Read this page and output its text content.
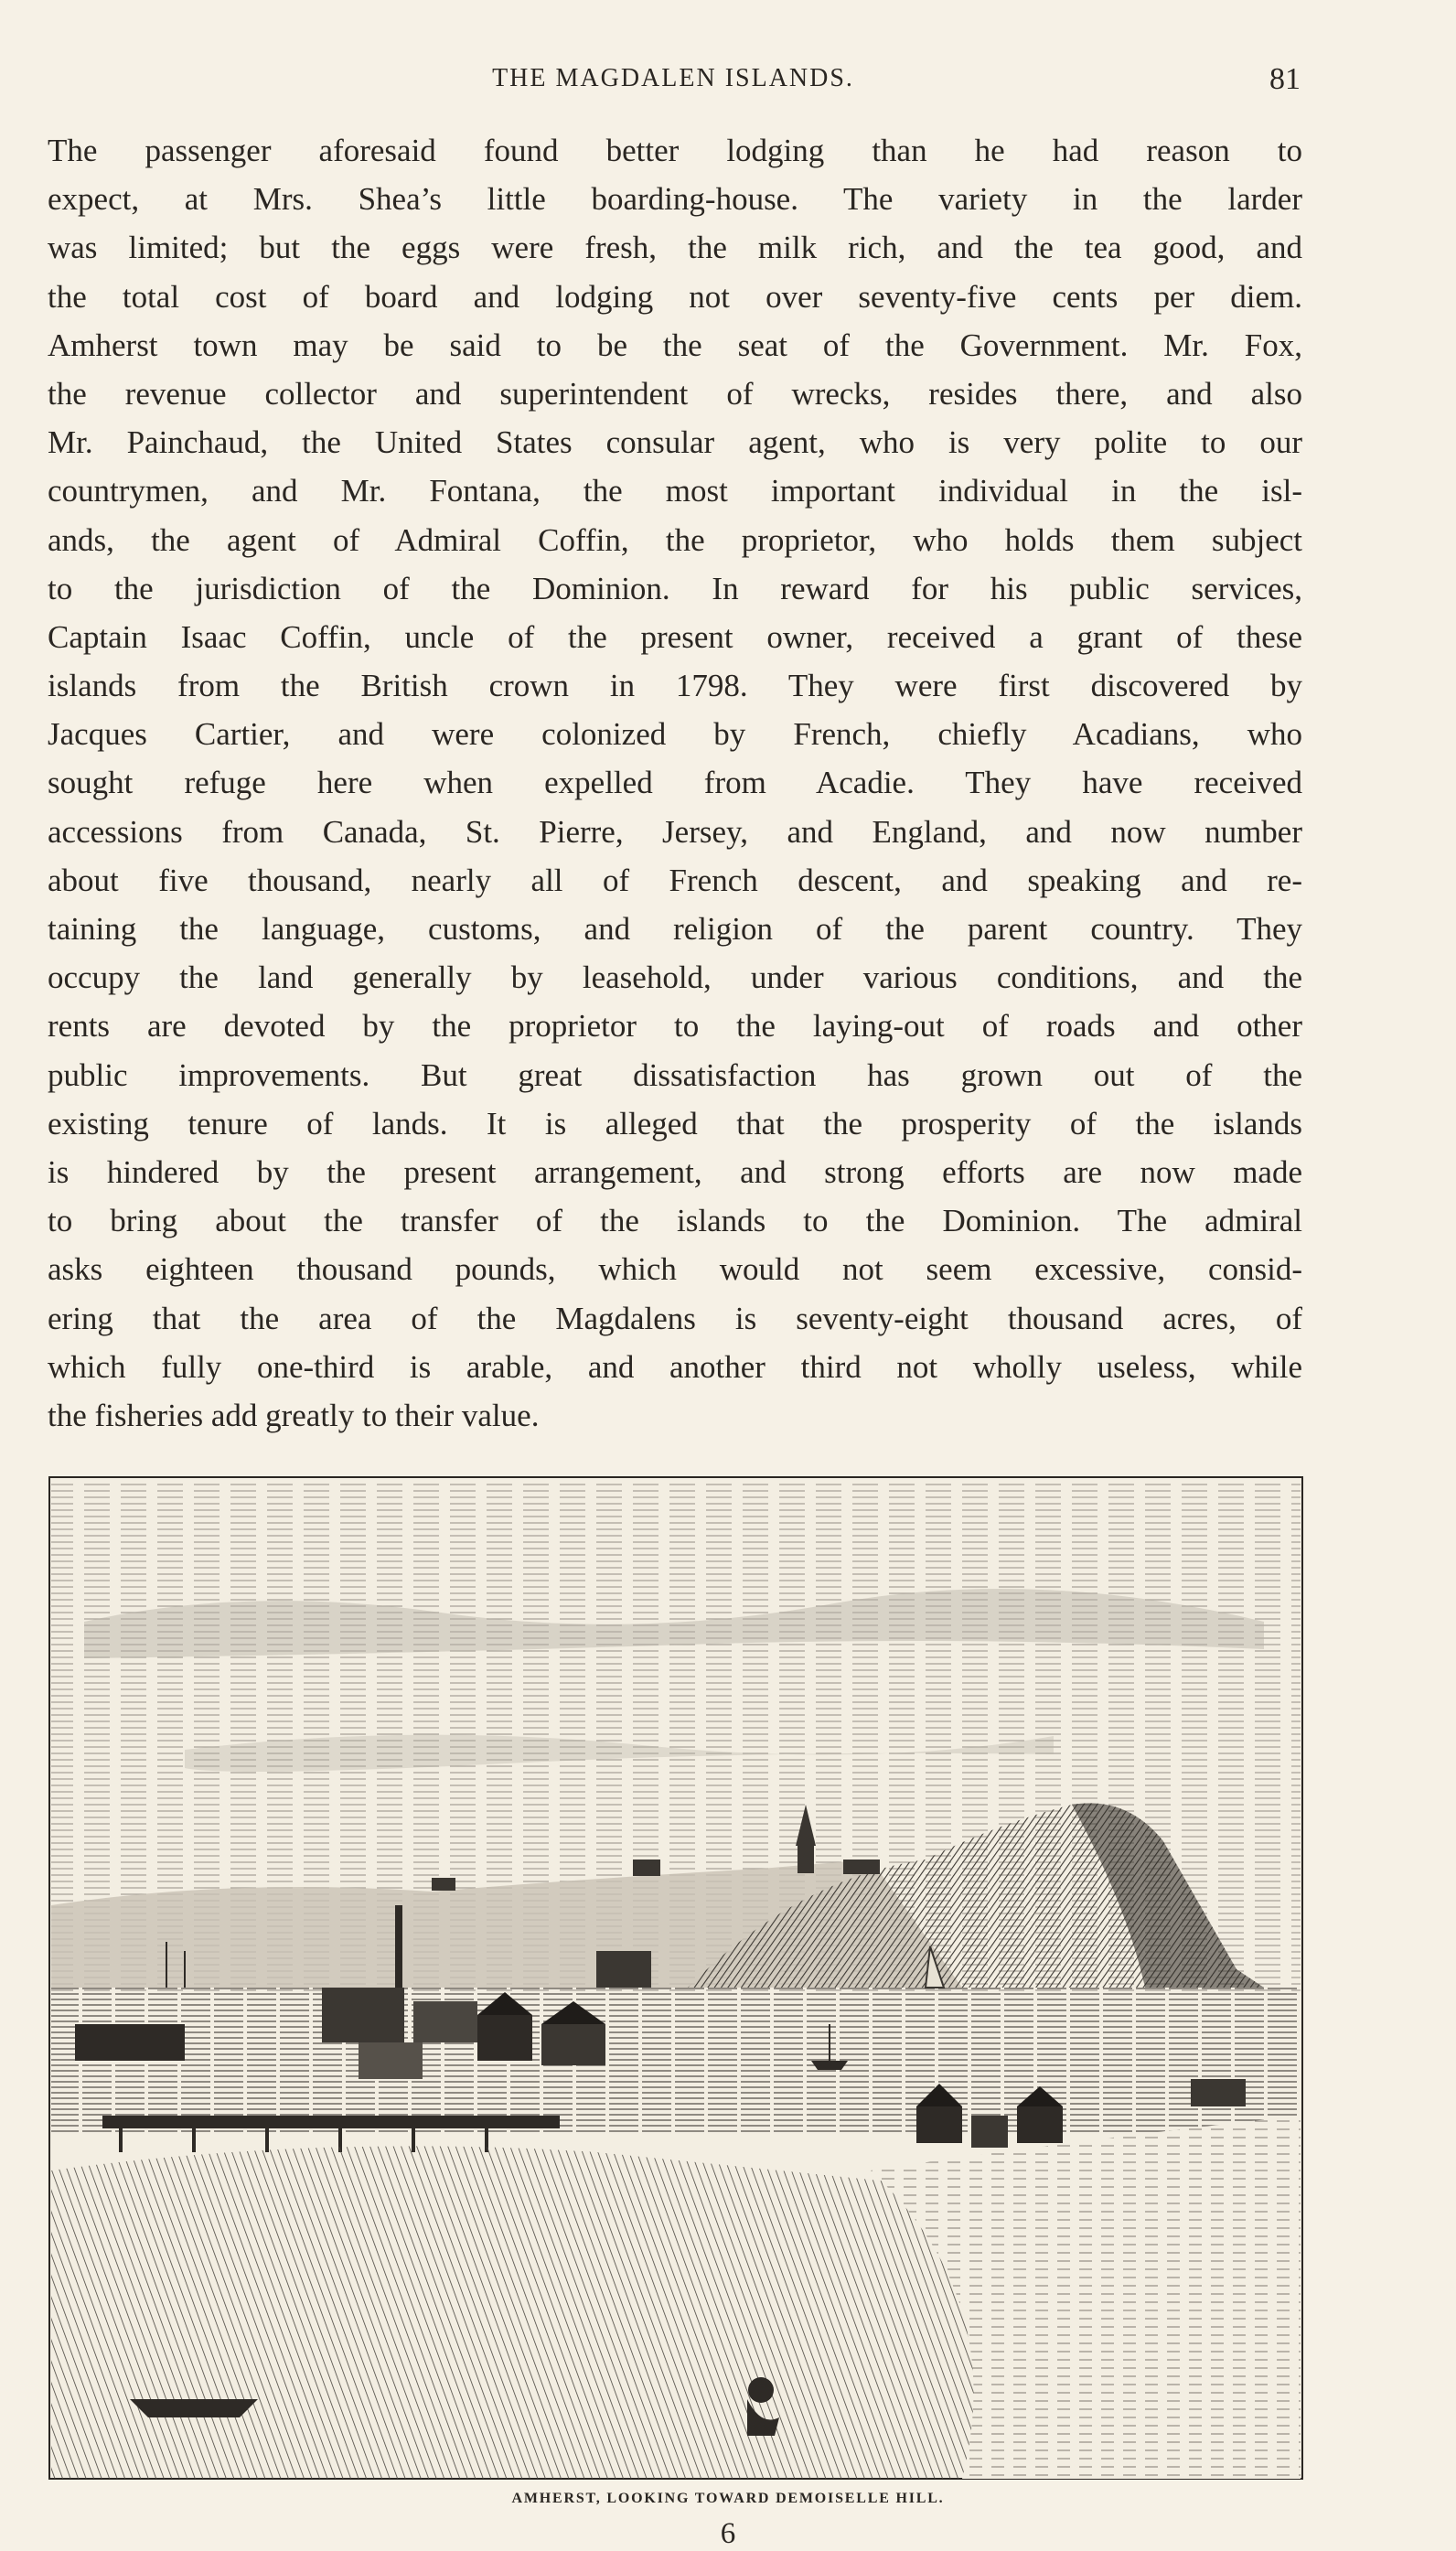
THE MAGDALEN ISLANDS.	81
The passenger aforesaid found better lodging than he had reason to
expect, at Mrs. Shea’s little boarding-house. The variety in the larder
was limited; but the eggs were fresh, the milk rich, and the tea good, and
the total cost of board and lodging not over seventy-five cents per diem.
Amherst town may be said to be the seat of the Government. Mr. Fox,
the revenue collector and superintendent of wrecks, resides there, and also
Mr. Painchaud, the United States consular agent, who is very polite to our
countrymen, and Mr. Fontana, the most important individual in the isl-
ands, the agent of Admiral Coffin, the proprietor, who holds them subject
to the jurisdiction of the Dominion. In reward for his public services,
Captain Isaac Coffin, uncle of the present owner, received a grant of these
islands from the British crown in 1798. They were first discovered by
Jacques Cartier, and were colonized by French, chiefly Acadians, who
sought refuge here when expelled from Acadie. They have received
accessions from Canada, St. Pierre, Jersey, and England, and now number
about five thousand, nearly all of French descent, and speaking and re-
taining the language, customs, and religion of the parent country. They
occupy the land generally by leasehold, under various conditions, and the
rents are devoted by the proprietor to the laying-out of roads and other
public improvements. But great dissatisfaction has grown out of the
existing tenure of lands. It is alleged that the prosperity of the islands
is hindered by the present arrangement, and strong efforts are now made
to bring about the transfer of the islands to the Dominion. The admiral
asks eighteen thousand pounds, which would not seem excessive, consid-
ering that the area of the Magdalens is seventy-eight thousand acres, of
which fully one-third is arable, and another third not wholly useless, while
the fisheries add greatly to their value.
AMHERST, LOOKING TOWARD DEMOISELLE HILL.
6
